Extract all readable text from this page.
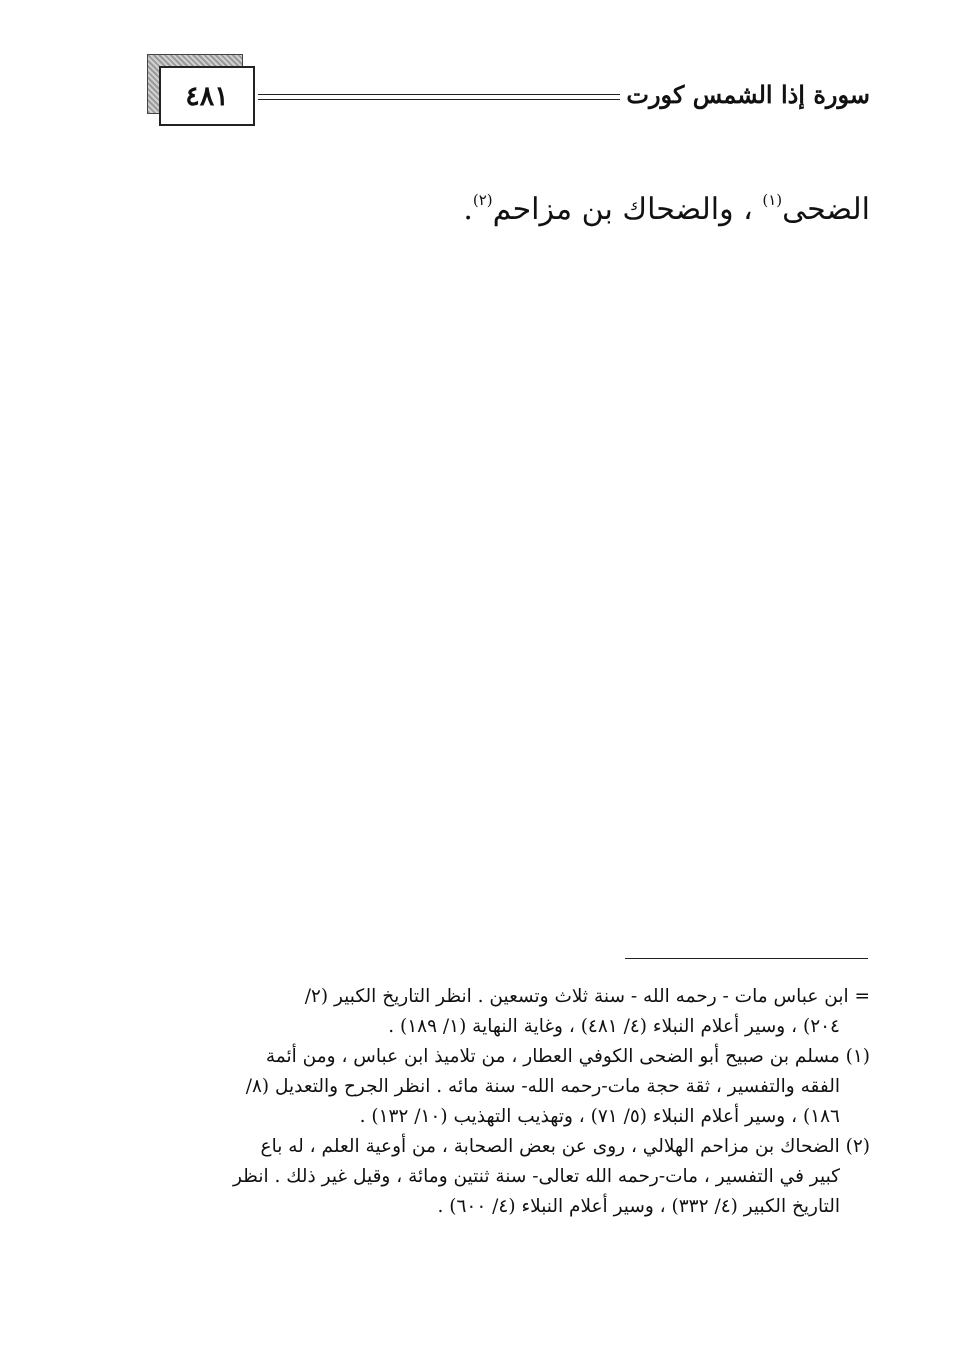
٤٨١	سورة إذا الشمس كورت
الضحى$^{(١)}$ ، والضحاك بن مزاحم$^{(٢)}$.
= ابن عباس مات - رحمه الله - سنة ثلاث وتسعين . انظر التاريخ الكبير (٢/
٢٠٤) ، وسير أعلام النبلاء (٤/ ٤٨١) ، وغاية النهاية (١/ ١٨٩) .
(١) مسلم بن صبيح أبو الضحى الكوفي العطار ، من تلاميذ ابن عباس ، ومن أئمة
الفقه والتفسير ، ثقة حجة مات-رحمه الله- سنة مائه . انظر الجرح والتعديل (٨/
١٨٦) ، وسير أعلام النبلاء (٥/ ٧١) ، وتهذيب التهذيب (١٠/ ١٣٢) .
(٢) الضحاك بن مزاحم الهلالي ، روى عن بعض الصحابة ، من أوعية العلم ، له باع
كبير في التفسير ، مات-رحمه الله تعالى- سنة ثنتين ومائة ، وقيل غير ذلك . انظر
التاريخ الكبير (٤/ ٣٣٢) ، وسير أعلام النبلاء (٤/ ٦٠٠) .
